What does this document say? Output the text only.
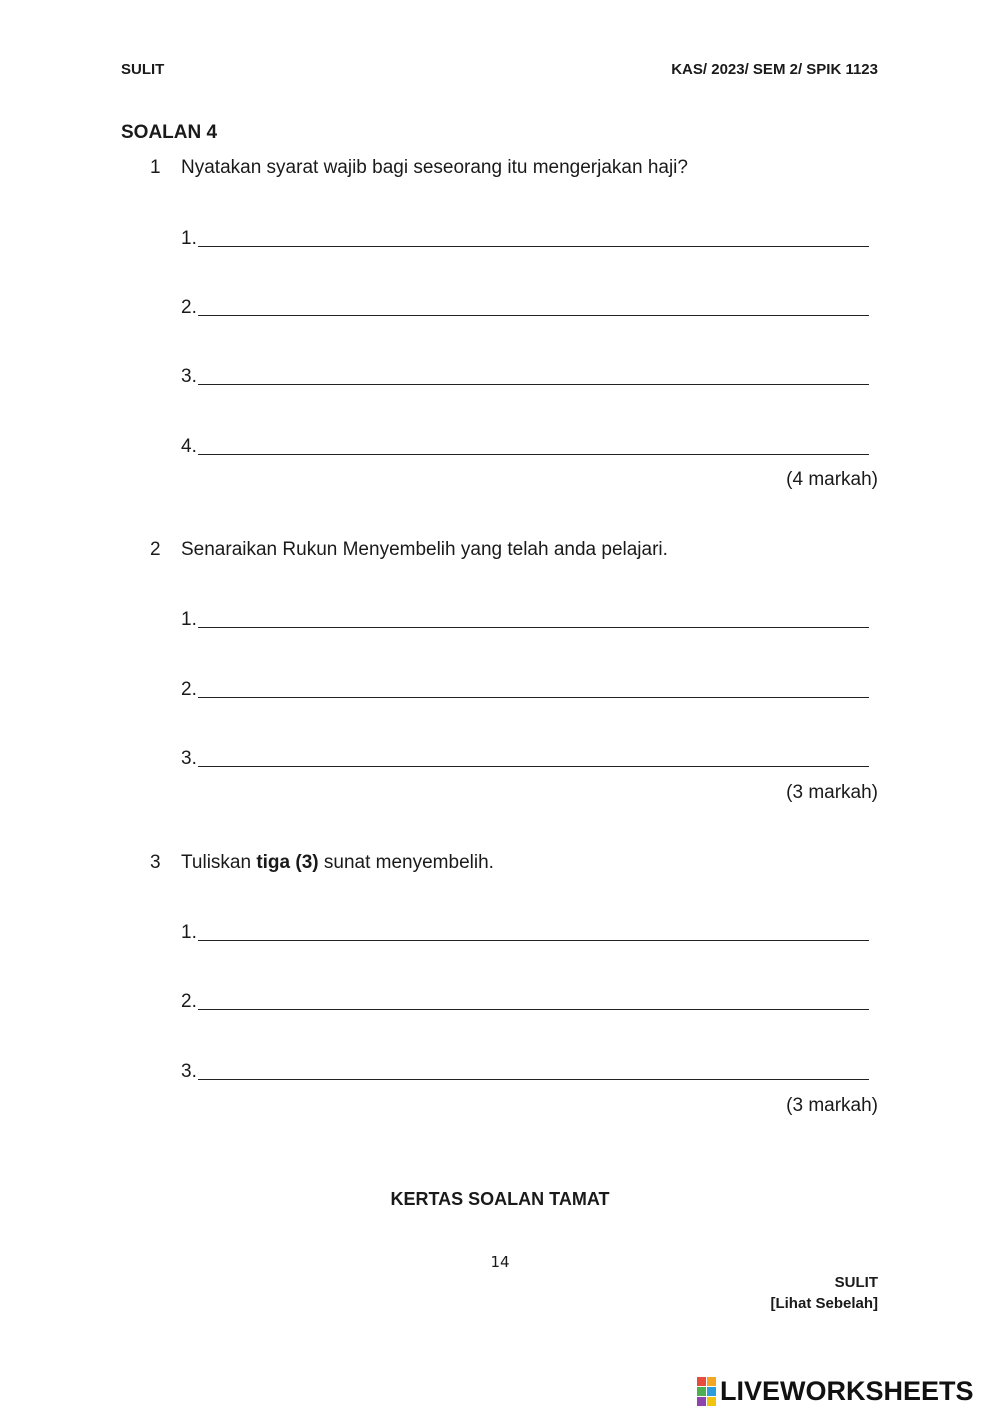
SULIT	KAS/ 2023/ SEM 2/ SPIK 1123
SOALAN 4
1 Nyatakan syarat wajib bagi seseorang itu mengerjakan haji?
1.
2.
3.
4.
(4 markah)
2 Senaraikan Rukun Menyembelih yang telah anda pelajari.
1.
2.
3.
(3 markah)
3 Tuliskan tiga (3) sunat menyembelih.
1.
2.
3.
(3 markah)
KERTAS SOALAN TAMAT
14
SULIT
[Lihat Sebelah]
LIVEWORKSHEETS
